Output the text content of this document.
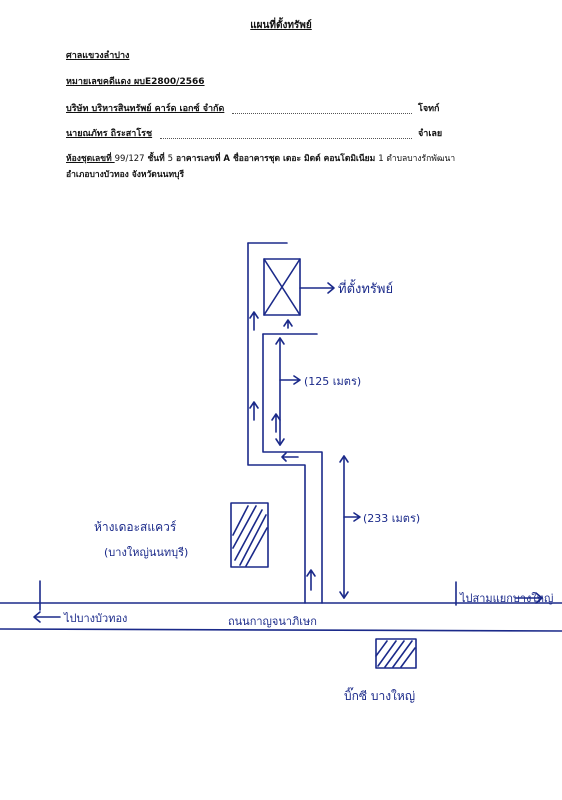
แผนที่ตั้งทรัพย์
ศาลแขวงลำปาง
หมายเลขคดีแดง ผบE2800/2566
บริษัท บริหารสินทรัพย์ คาร์ด เอกซ์ จำกัด	โจทก์
นายณภัทร ถิระสาโรช	จำเลย
ห้องชุดเลขที่ 99/127 ชั้นที่ 5 อาคารเลขที่ A ชื่ออาคารชุด เดอะ มิดด์ คอนโดมิเนียม 1 ตำบลบางรักพัฒนา
อำเภอบางบัวทอง จังหวัดนนทบุรี
ที่ตั้งทรัพย์
(125 เมตร)
(233 เมตร)
ห้างเดอะสแควร์
(บางใหญ่นนทบุรี)
ไปบางบัวทอง	ถนนกาญจนาภิเษก
ไปสามแยกบางใหญ่
บิ๊กซี บางใหญ่
